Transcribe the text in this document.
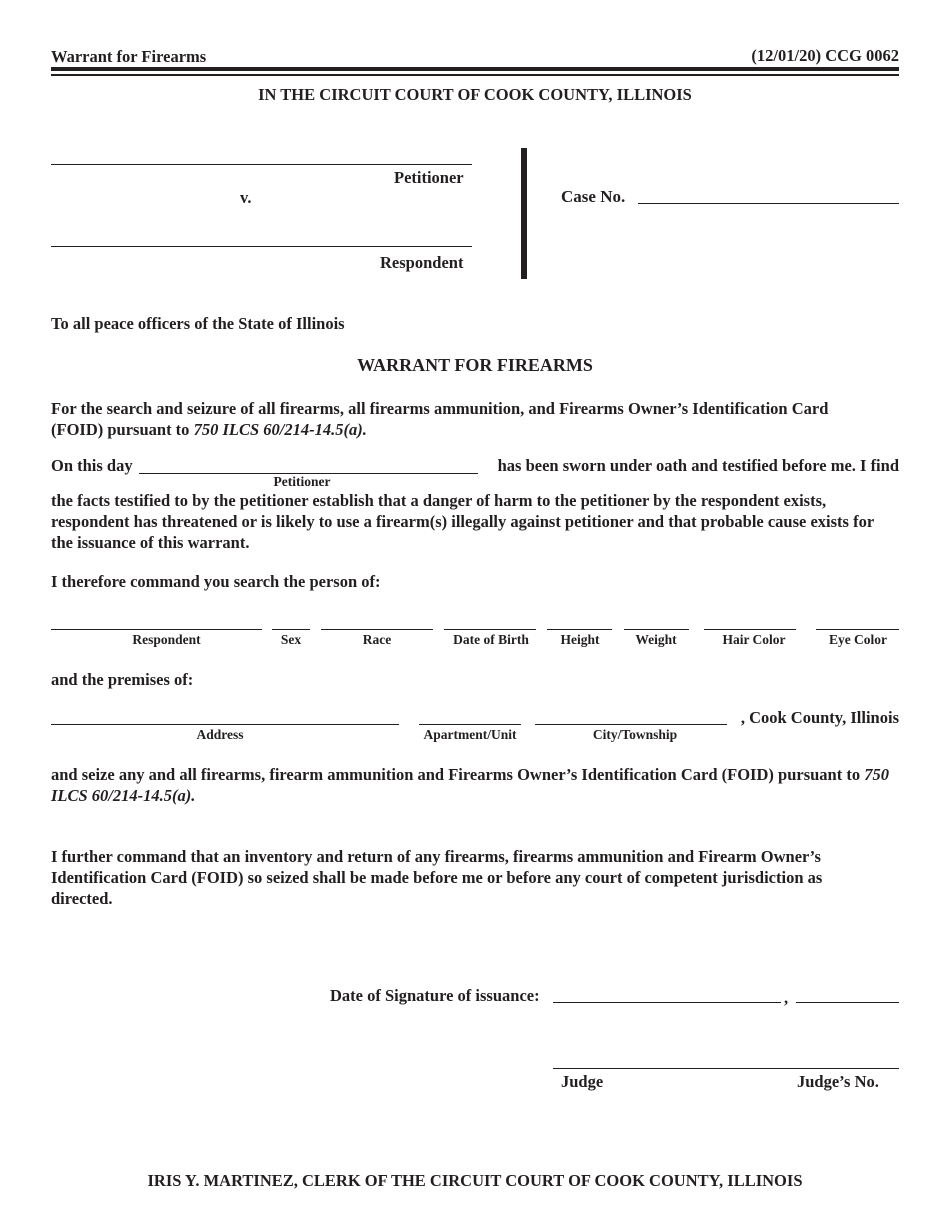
Warrant for Firearms	(12/01/20) CCG 0062
IN THE CIRCUIT COURT OF COOK COUNTY, ILLINOIS
Petitioner
v.
Respondent
Case No.
To all peace officers of the State of Illinois
WARRANT FOR FIREARMS
For the search and seizure of all firearms, all firearms ammunition, and Firearms Owner’s Identification Card (FOID) pursuant to 750 ILCS 60/214-14.5(a).
On this day	has been sworn under oath and testified before me. I find
Petitioner
the facts testified to by the petitioner establish that a danger of harm to the petitioner by the respondent exists, respondent has threatened or is likely to use a firearm(s) illegally against petitioner and that probable cause exists for the issuance of this warrant.
I therefore command you search the person of:
Respondent	Sex	Race	Date of Birth	Height	Weight	Hair Color	Eye Color
and the premises of:
, Cook County, Illinois
Address	Apartment/Unit	City/Township
and seize any and all firearms, firearm ammunition and Firearms Owner’s Identification Card (FOID) pursuant to 750 ILCS 60/214-14.5(a).
I further command that an inventory and return of any firearms, firearms ammunition and Firearm Owner’s Identification Card (FOID) so seized shall be made before me or before any court of competent jurisdiction as directed.
Date of Signature of issuance:	,
Judge	Judge’s No.
IRIS Y. MARTINEZ, CLERK OF THE CIRCUIT COURT OF COOK COUNTY, ILLINOIS
